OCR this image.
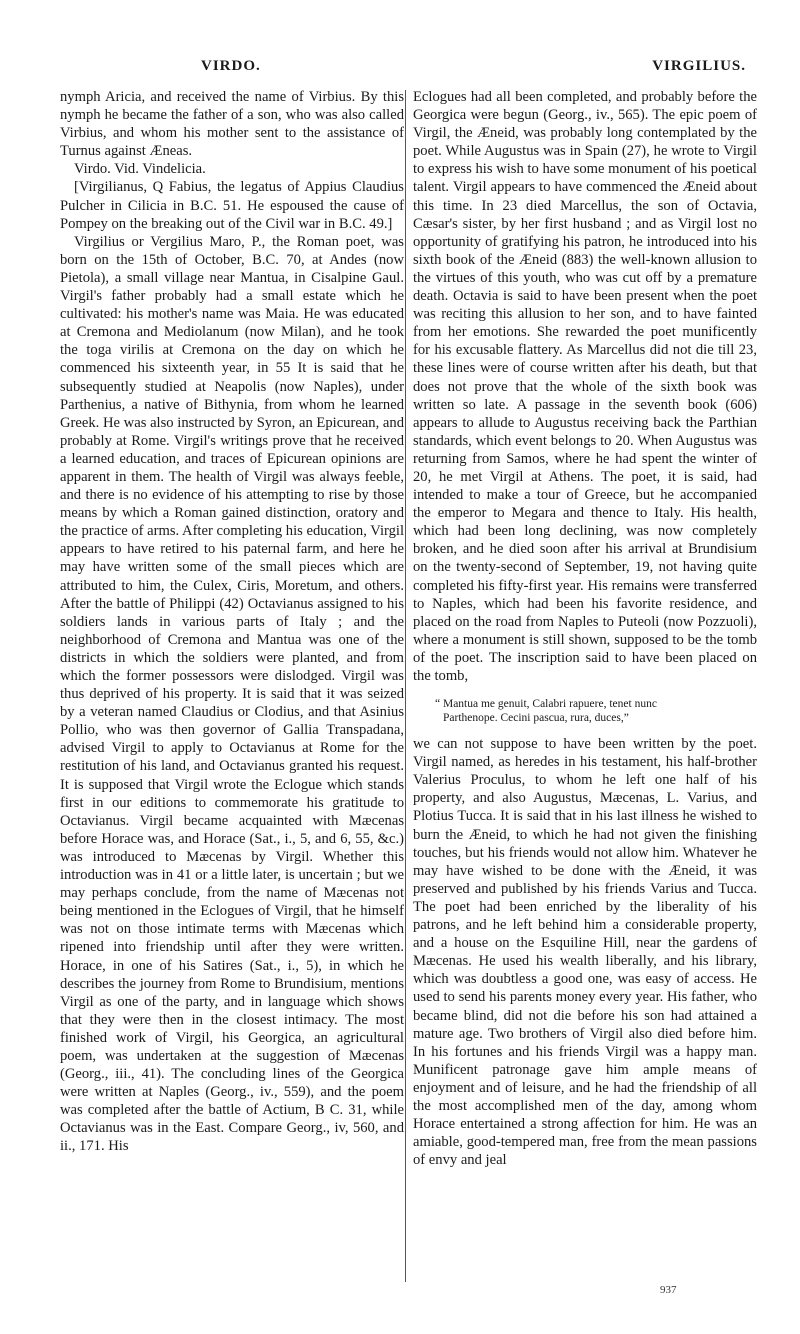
VIRDO.	VIRGILIUS.

nymph Aricia, and received the name of Virbius. By this nymph he became the father of a son, who was also called Virbius, and whom his mother sent to the assistance of Turnus against Æneas.

Virdo. Vid. Vindelicia.

[Virgilianus, Q Fabius, the legatus of Appius Claudius Pulcher in Cilicia in B.C. 51. He espoused the cause of Pompey on the breaking out of the Civil war in B.C. 49.]

Virgilius or Vergilius Maro, P., the Roman poet, was born on the 15th of October, B.C. 70, at Andes (now Pietola), a small village near Mantua, in Cisalpine Gaul. Virgil's father probably had a small estate which he cultivated: his mother's name was Maia. He was educated at Cremona and Mediolanum (now Milan), and he took the toga virilis at Cremona on the day on which he commenced his sixteenth year, in 55 It is said that he subsequently studied at Neapolis (now Naples), under Parthenius, a native of Bithynia, from whom he learned Greek. He was also instructed by Syron, an Epicurean, and probably at Rome. Virgil's writings prove that he received a learned education, and traces of Epicurean opinions are apparent in them. The health of Virgil was always feeble, and there is no evidence of his attempting to rise by those means by which a Roman gained distinction, oratory and the practice of arms. After completing his education, Virgil appears to have retired to his paternal farm, and here he may have written some of the small pieces which are attributed to him, the Culex, Ciris, Moretum, and others. After the battle of Philippi (42) Octavianus assigned to his soldiers lands in various parts of Italy ; and the neighborhood of Cremona and Mantua was one of the districts in which the soldiers were planted, and from which the former possessors were dislodged. Virgil was thus deprived of his property. It is said that it was seized by a veteran named Claudius or Clodius, and that Asinius Pollio, who was then governor of Gallia Transpadana, advised Virgil to apply to Octavianus at Rome for the restitution of his land, and Octavianus granted his request. It is supposed that Virgil wrote the Eclogue which stands first in our editions to commemorate his gratitude to Octavianus. Virgil became acquainted with Mæcenas before Horace was, and Horace (Sat., i., 5, and 6, 55, &c.) was introduced to Mæcenas by Virgil. Whether this introduction was in 41 or a little later, is uncertain ; but we may perhaps conclude, from the name of Mæcenas not being mentioned in the Eclogues of Virgil, that he himself was not on those intimate terms with Mæcenas which ripened into friendship until after they were written. Horace, in one of his Satires (Sat., i., 5), in which he describes the journey from Rome to Brundisium, mentions Virgil as one of the party, and in language which shows that they were then in the closest intimacy. The most finished work of Virgil, his Georgica, an agricultural poem, was undertaken at the suggestion of Mæcenas (Georg., iii., 41). The concluding lines of the Georgica were written at Naples (Georg., iv., 559), and the poem was completed after the battle of Actium, B C. 31, while Octavianus was in the East. Compare Georg., iv, 560, and ii., 171. His

Eclogues had all been completed, and probably before the Georgica were begun (Georg., iv., 565). The epic poem of Virgil, the Æneid, was probably long contemplated by the poet. While Augustus was in Spain (27), he wrote to Virgil to express his wish to have some monument of his poetical talent. Virgil appears to have commenced the Æneid about this time. In 23 died Marcellus, the son of Octavia, Cæsar's sister, by her first husband ; and as Virgil lost no opportunity of gratifying his patron, he introduced into his sixth book of the Æneid (883) the well-known allusion to the virtues of this youth, who was cut off by a premature death. Octavia is said to have been present when the poet was reciting this allusion to her son, and to have fainted from her emotions. She rewarded the poet munificently for his excusable flattery. As Marcellus did not die till 23, these lines were of course written after his death, but that does not prove that the whole of the sixth book was written so late. A passage in the seventh book (606) appears to allude to Augustus receiving back the Parthian standards, which event belongs to 20. When Augustus was returning from Samos, where he had spent the winter of 20, he met Virgil at Athens. The poet, it is said, had intended to make a tour of Greece, but he accompanied the emperor to Megara and thence to Italy. His health, which had been long declining, was now completely broken, and he died soon after his arrival at Brundisium on the twenty-second of September, 19, not having quite completed his fifty-first year. His remains were transferred to Naples, which had been his favorite residence, and placed on the road from Naples to Puteoli (now Pozzuoli), where a monument is still shown, supposed to be the tomb of the poet. The inscription said to have been placed on the tomb,

“ Mantua me genuit, Calabri rapuere, tenet nunc
Parthenope. Cecini pascua, rura, duces,”

we can not suppose to have been written by the poet. Virgil named, as heredes in his testament, his half-brother Valerius Proculus, to whom he left one half of his property, and also Augustus, Mæcenas, L. Varius, and Plotius Tucca. It is said that in his last illness he wished to burn the Æneid, to which he had not given the finishing touches, but his friends would not allow him. Whatever he may have wished to be done with the Æneid, it was preserved and published by his friends Varius and Tucca. The poet had been enriched by the liberality of his patrons, and he left behind him a considerable property, and a house on the Esquiline Hill, near the gardens of Mæcenas. He used his wealth liberally, and his library, which was doubtless a good one, was easy of access. He used to send his parents money every year. His father, who became blind, did not die before his son had attained a mature age. Two brothers of Virgil also died before him. In his fortunes and his friends Virgil was a happy man. Munificent patronage gave him ample means of enjoyment and of leisure, and he had the friendship of all the most accomplished men of the day, among whom Horace entertained a strong affection for him. He was an amiable, good-tempered man, free from the mean passions of envy and jeal

937
